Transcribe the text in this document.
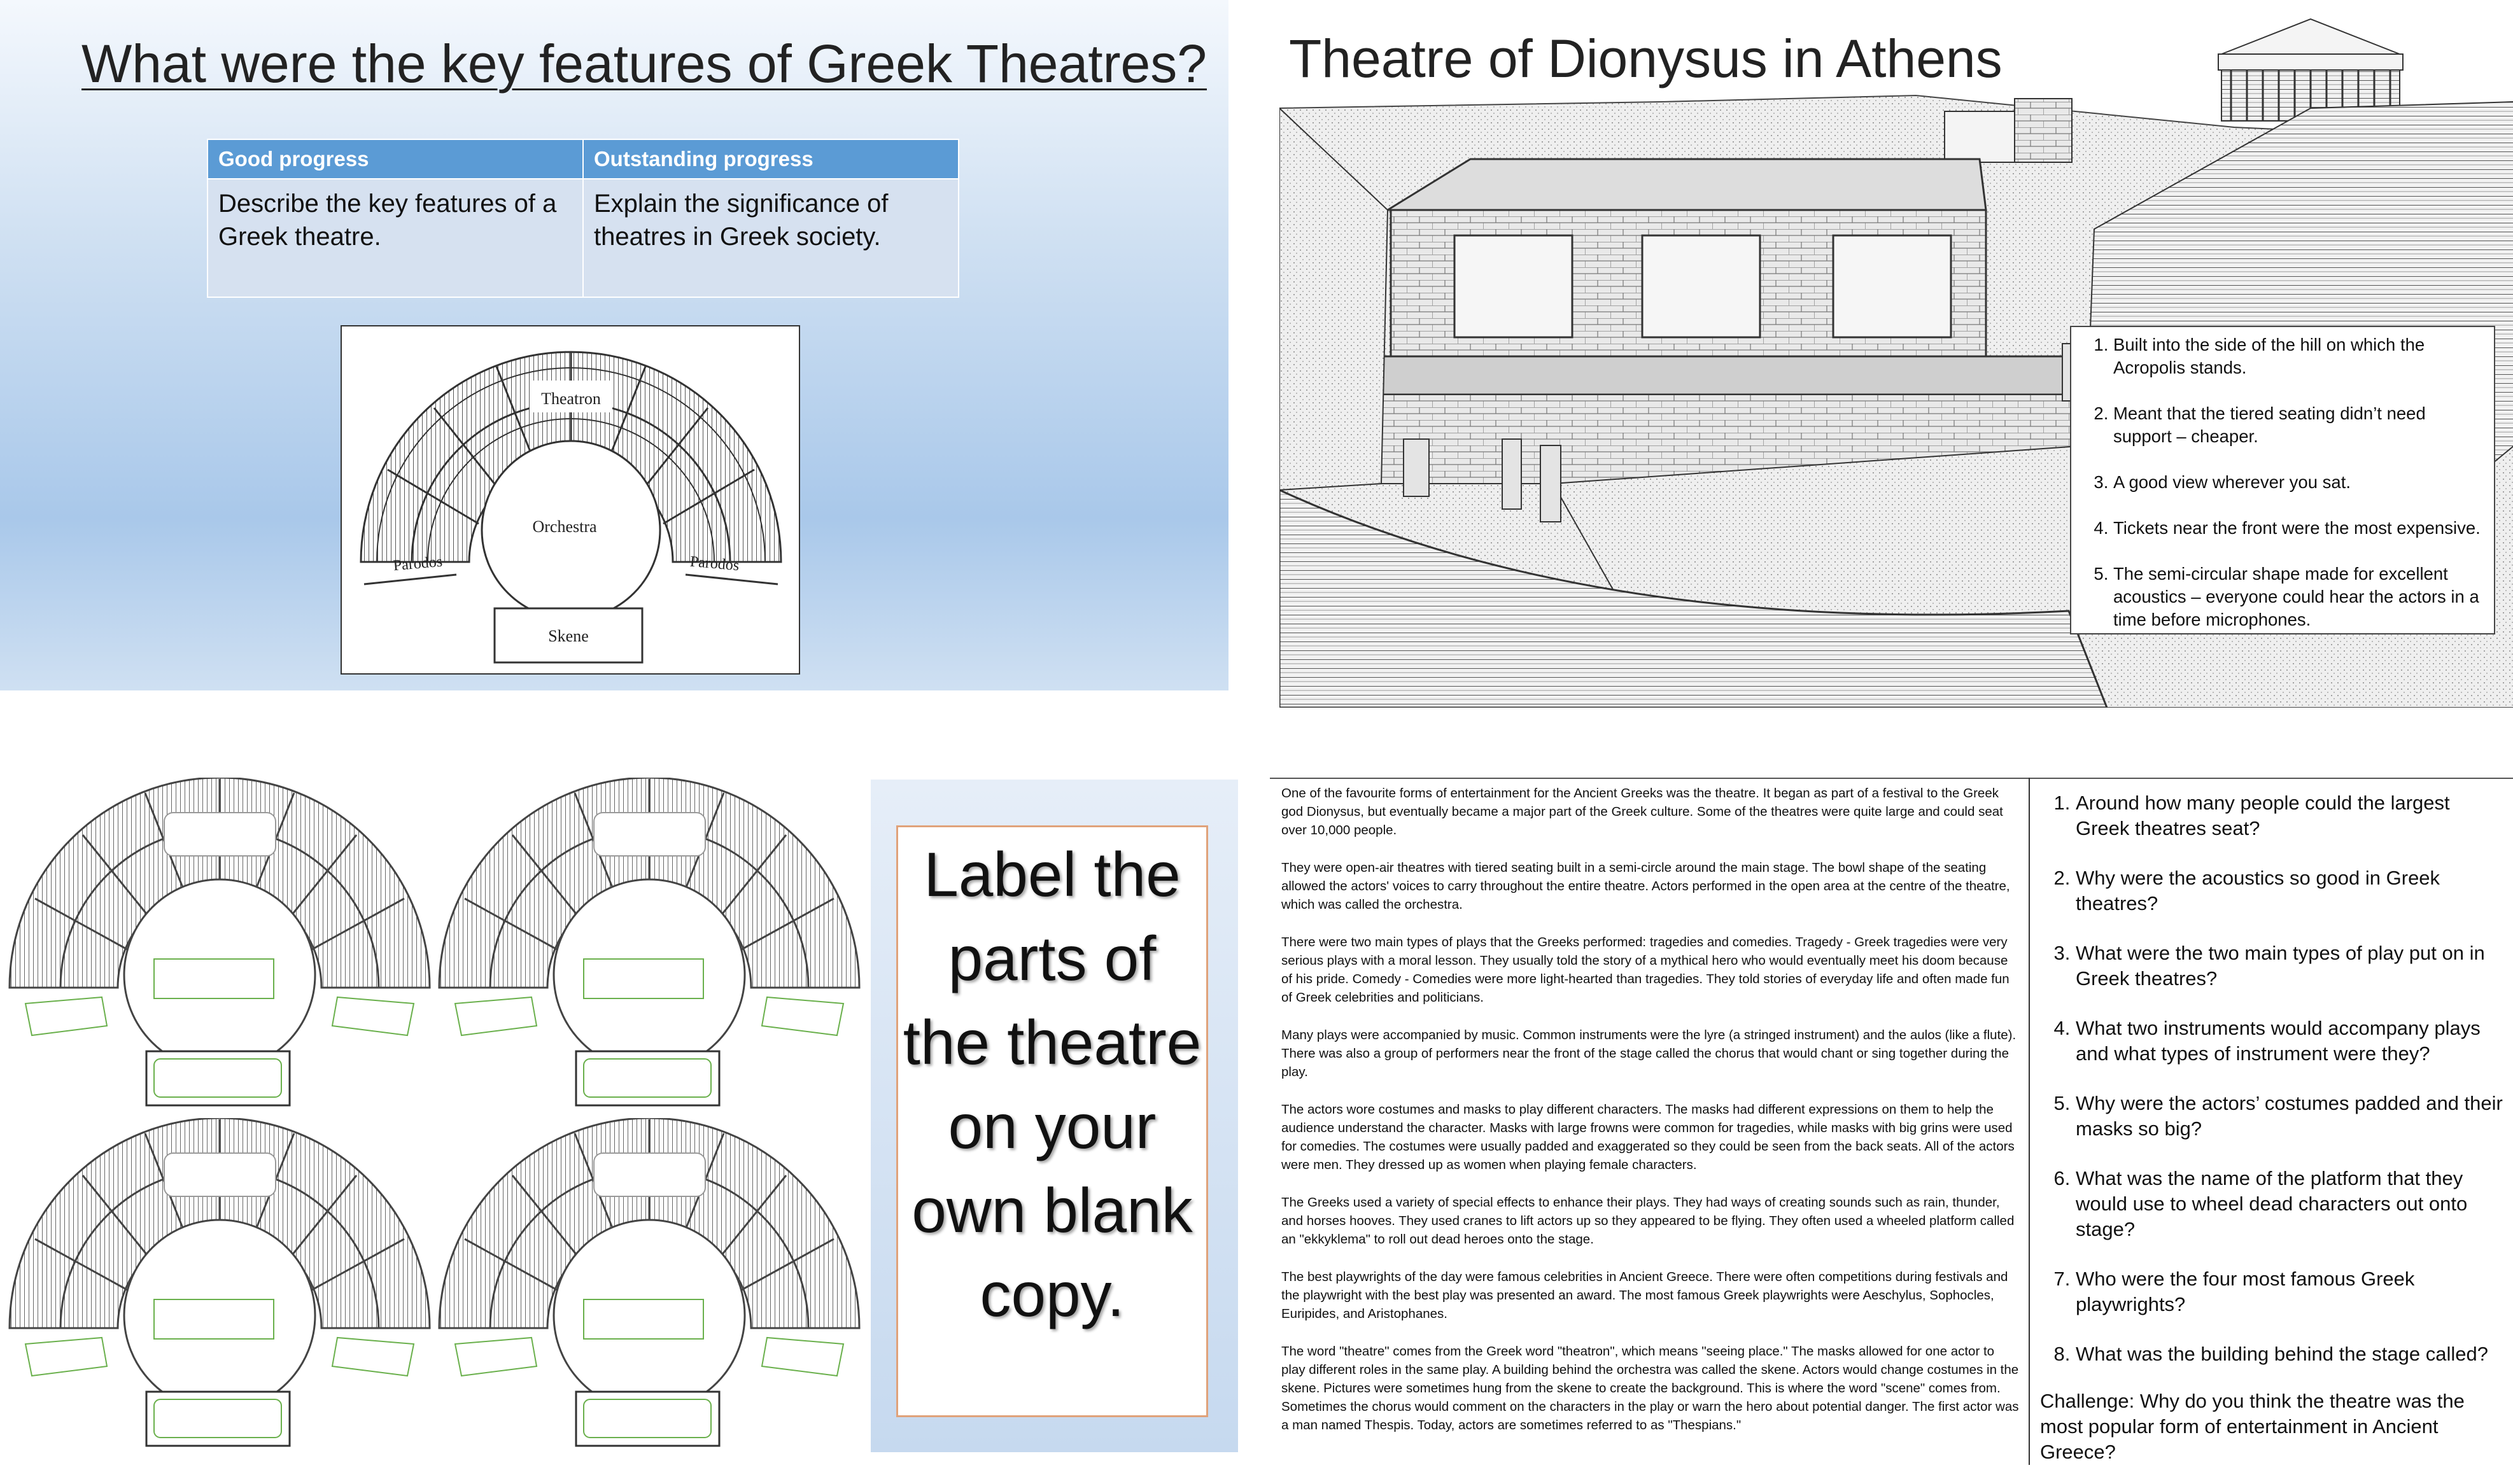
What were the key features of Greek Theatres?
Good progress	Outstanding progress
Describe the key features of a Greek theatre.	Explain the significance of theatres in Greek society.
Theatron
Orchestra
Parodos	Parodos
Skene
Theatre of Dionysus in Athens
1. Built into the side of the hill on which the Acropolis stands.
2. Meant that the tiered seating didn’t need support – cheaper.
3. A good view wherever you sat.
4. Tickets near the front were the most expensive.
5. The semi-circular shape made for excellent acoustics – everyone could hear the actors in a time before microphones.
Label the parts of the theatre on your own blank copy.

One of the favourite forms of entertainment for the Ancient Greeks was the theatre. It began as part of a festival to the Greek god Dionysus, but eventually became a major part of the Greek culture. Some of the theatres were quite large and could seat over 10,000 people.

They were open-air theatres with tiered seating built in a semi-circle around the main stage. The bowl shape of the seating allowed the actors' voices to carry throughout the entire theatre. Actors performed in the open area at the centre of the theatre, which was called the orchestra.

There were two main types of plays that the Greeks performed: tragedies and comedies. Tragedy - Greek tragedies were very serious plays with a moral lesson. They usually told the story of a mythical hero who would eventually meet his doom because of his pride. Comedy - Comedies were more light-hearted than tragedies. They told stories of everyday life and often made fun of Greek celebrities and politicians.

Many plays were accompanied by music. Common instruments were the lyre (a stringed instrument) and the aulos (like a flute). There was also a group of performers near the front of the stage called the chorus that would chant or sing together during the play.

The actors wore costumes and masks to play different characters. The masks had different expressions on them to help the audience understand the character. Masks with large frowns were common for tragedies, while masks with big grins were used for comedies. The costumes were usually padded and exaggerated so they could be seen from the back seats. All of the actors were men. They dressed up as women when playing female characters.

The Greeks used a variety of special effects to enhance their plays. They had ways of creating sounds such as rain, thunder, and horses hooves. They used cranes to lift actors up so they appeared to be flying. They often used a wheeled platform called an "ekkyklema" to roll out dead heroes onto the stage.

The best playwrights of the day were famous celebrities in Ancient Greece. There were often competitions during festivals and the playwright with the best play was presented an award. The most famous Greek playwrights were Aeschylus, Sophocles, Euripides, and Aristophanes.

The word "theatre" comes from the Greek word "theatron", which means "seeing place." The masks allowed for one actor to play different roles in the same play. A building behind the orchestra was called the skene. Actors would change costumes in the skene. Pictures were sometimes hung from the skene to create the background. This is where the word "scene" comes from. Sometimes the chorus would comment on the characters in the play or warn the hero about potential danger. The first actor was a man named Thespis. Today, actors are sometimes referred to as "Thespians."

1. Around how many people could the largest Greek theatres seat?
2. Why were the acoustics so good in Greek theatres?
3. What were the two main types of play put on in Greek theatres?
4. What two instruments would accompany plays and what types of instrument were they?
5. Why were the actors’ costumes padded and their masks so big?
6. What was the name of the platform that they would use to wheel dead characters out onto stage?
7. Who were the four most famous Greek playwrights?
8. What was the building behind the stage called?
Challenge: Why do you think the theatre was the most popular form of entertainment in Ancient Greece?
